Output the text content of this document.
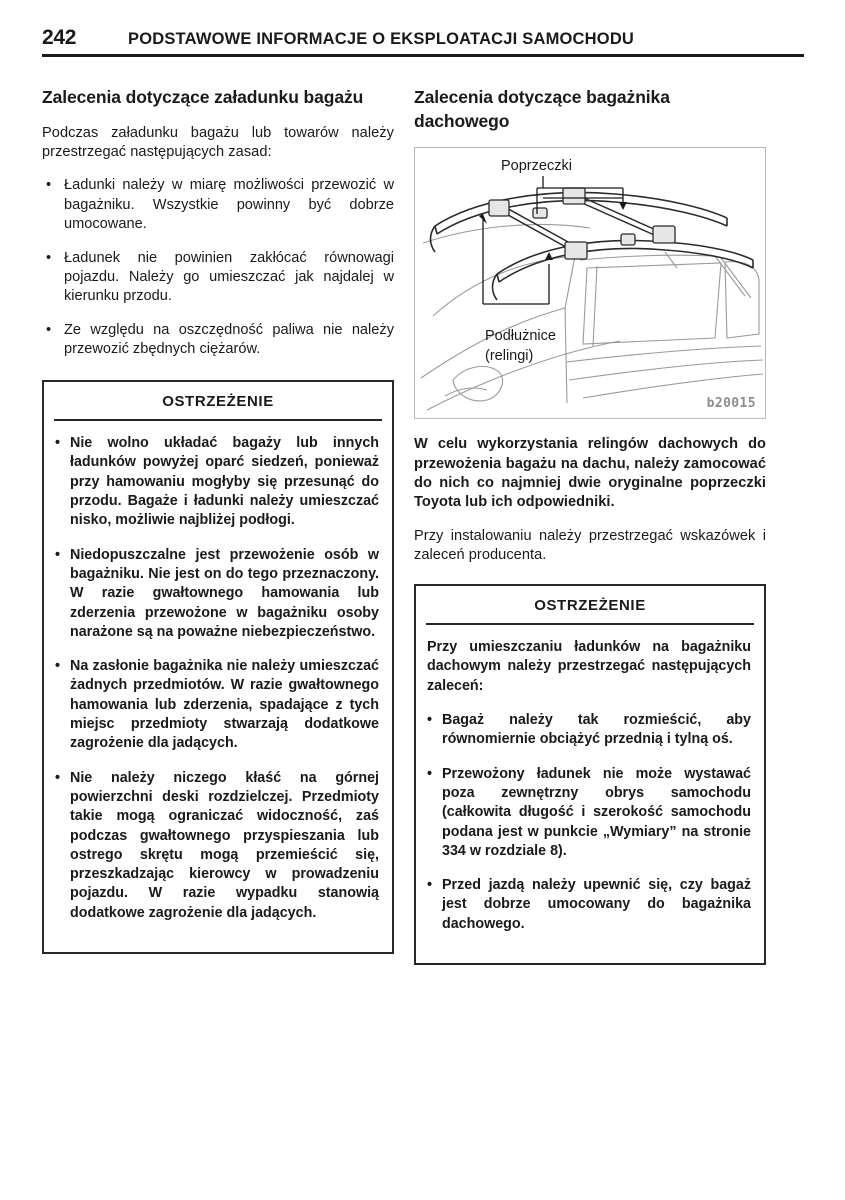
242	PODSTAWOWE INFORMACJE O EKSPLOATACJI SAMOCHODU
Zalecenia dotyczące załadunku bagażu

Podczas załadunku bagażu lub towarów należy przestrzegać następujących zasad:

• Ładunki należy w miarę możliwości przewozić w bagażniku. Wszystkie powinny być dobrze umocowane.
• Ładunek nie powinien zakłócać równowagi pojazdu. Należy go umieszczać jak najdalej w kierunku przodu.
• Ze względu na oszczędność paliwa nie należy przewozić zbędnych ciężarów.
OSTRZEŻENIE
• Nie wolno układać bagaży lub innych ładunków powyżej oparć siedzeń, ponieważ przy hamowaniu mogłyby się przesunąć do przodu. Bagaże i ładunki należy umieszczać nisko, możliwie najbliżej podłogi.
• Niedopuszczalne jest przewożenie osób w bagażniku. Nie jest on do tego przeznaczony. W razie gwałtownego hamowania lub zderzenia przewożone w bagażniku osoby narażone są na poważne niebezpieczeństwo.
• Na zasłonie bagażnika nie należy umieszczać żadnych przedmiotów. W razie gwałtownego hamowania lub zderzenia, spadające z tych miejsc przedmioty stwarzają dodatkowe zagrożenie dla jadących.
• Nie należy niczego kłaść na górnej powierzchni deski rozdzielczej. Przedmioty takie mogą ograniczać widoczność, zaś podczas gwałtownego przyspieszania lub ostrego skrętu mogą przemieścić się, przeszkadzając kierowcy w prowadzeniu pojazdu. W razie wypadku stanowią dodatkowe zagrożenie dla jadących.
Zalecenia dotyczące bagażnika dachowego
Poprzeczki
Podłużnice
(relingi)
b20015

W celu wykorzystania relingów dachowych do przewożenia bagażu na dachu, należy zamocować do nich co najmniej dwie oryginalne poprzeczki Toyota lub ich odpowiedniki.

Przy instalowaniu należy przestrzegać wskazówek i zaleceń producenta.

OSTRZEŻENIE

Przy umieszczaniu ładunków na bagażniku dachowym należy przestrzegać następujących zaleceń:

• Bagaż należy tak rozmieścić, aby równomiernie obciążyć przednią i tylną oś.
• Przewożony ładunek nie może wystawać poza zewnętrzny obrys samochodu (całkowita długość i szerokość samochodu podana jest w punkcie „Wymiary” na stronie 334 w rozdziale 8).
• Przed jazdą należy upewnić się, czy bagaż jest dobrze umocowany do bagażnika dachowego.
